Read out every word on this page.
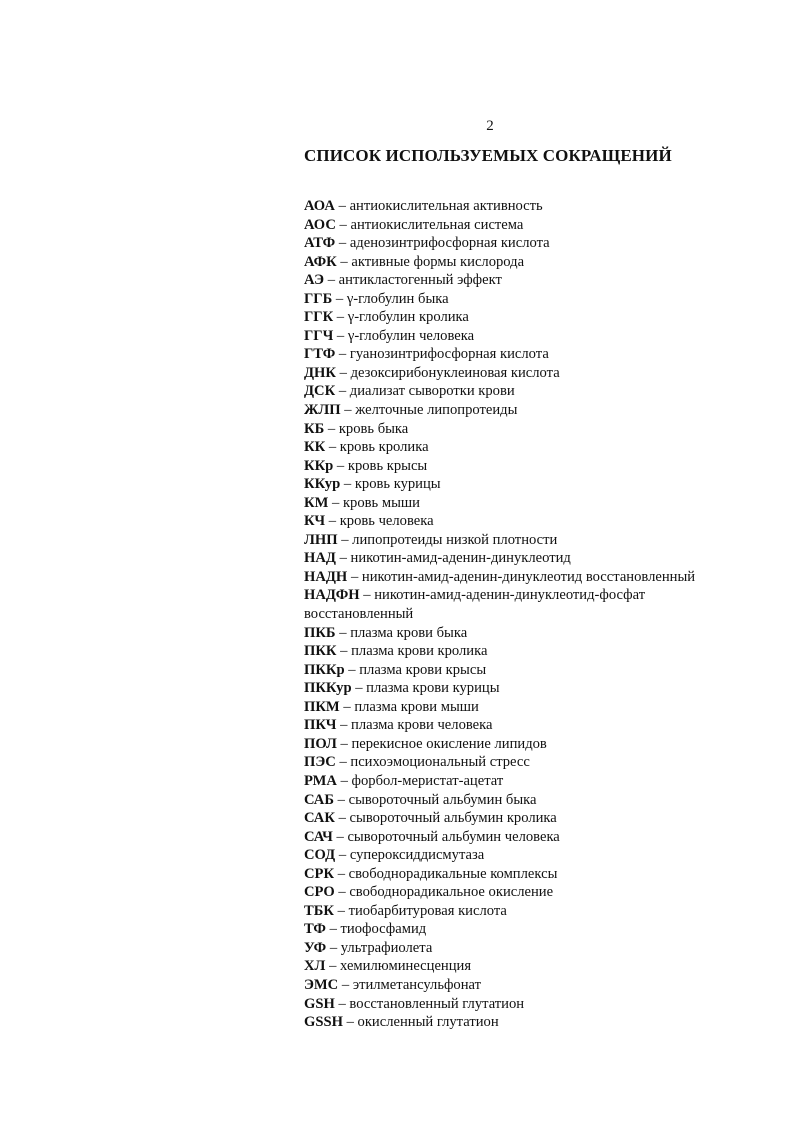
2
СПИСОК ИСПОЛЬЗУЕМЫХ СОКРАЩЕНИЙ
АОА – антиокислительная активность
АОС – антиокислительная система
АТФ – аденозинтрифосфорная кислота
АФК – активные формы кислорода
АЭ – антикластогенный эффект
ГГБ – γ-глобулин быка
ГГК – γ-глобулин кролика
ГГЧ – γ-глобулин человека
ГТФ – гуанозинтрифосфорная кислота
ДНК – дезоксирибонуклеиновая кислота
ДСК – диализат сыворотки крови
ЖЛП – желточные липопротеиды
КБ – кровь быка
КК – кровь кролика
ККр – кровь крысы
ККур – кровь курицы
КМ – кровь мыши
КЧ – кровь человека
ЛНП – липопротеиды низкой плотности
НАД – никотин-амид-аденин-динуклеотид
НАДН – никотин-амид-аденин-динуклеотид восстановленный
НАДФН – никотин-амид-аденин-динуклеотид-фосфат восстановленный
ПКБ – плазма крови быка
ПКК – плазма крови кролика
ПККр – плазма крови крысы
ПККур – плазма крови курицы
ПКМ – плазма крови мыши
ПКЧ – плазма крови человека
ПОЛ – перекисное окисление липидов
ПЭС – психоэмоциональный стресс
РМА – форбол-меристат-ацетат
САБ – сывороточный альбумин быка
САК – сывороточный альбумин кролика
САЧ – сывороточный альбумин человека
СОД – супероксиддисмутаза
СРК – свободнорадикальные комплексы
СРО – свободнорадикальное окисление
ТБК – тиобарбитуровая кислота
ТФ – тиофосфамид
УФ – ультрафиолета
ХЛ – хемилюминесценция
ЭМС – этилметансульфонат
GSH – восстановленный глутатион
GSSH – окисленный глутатион
